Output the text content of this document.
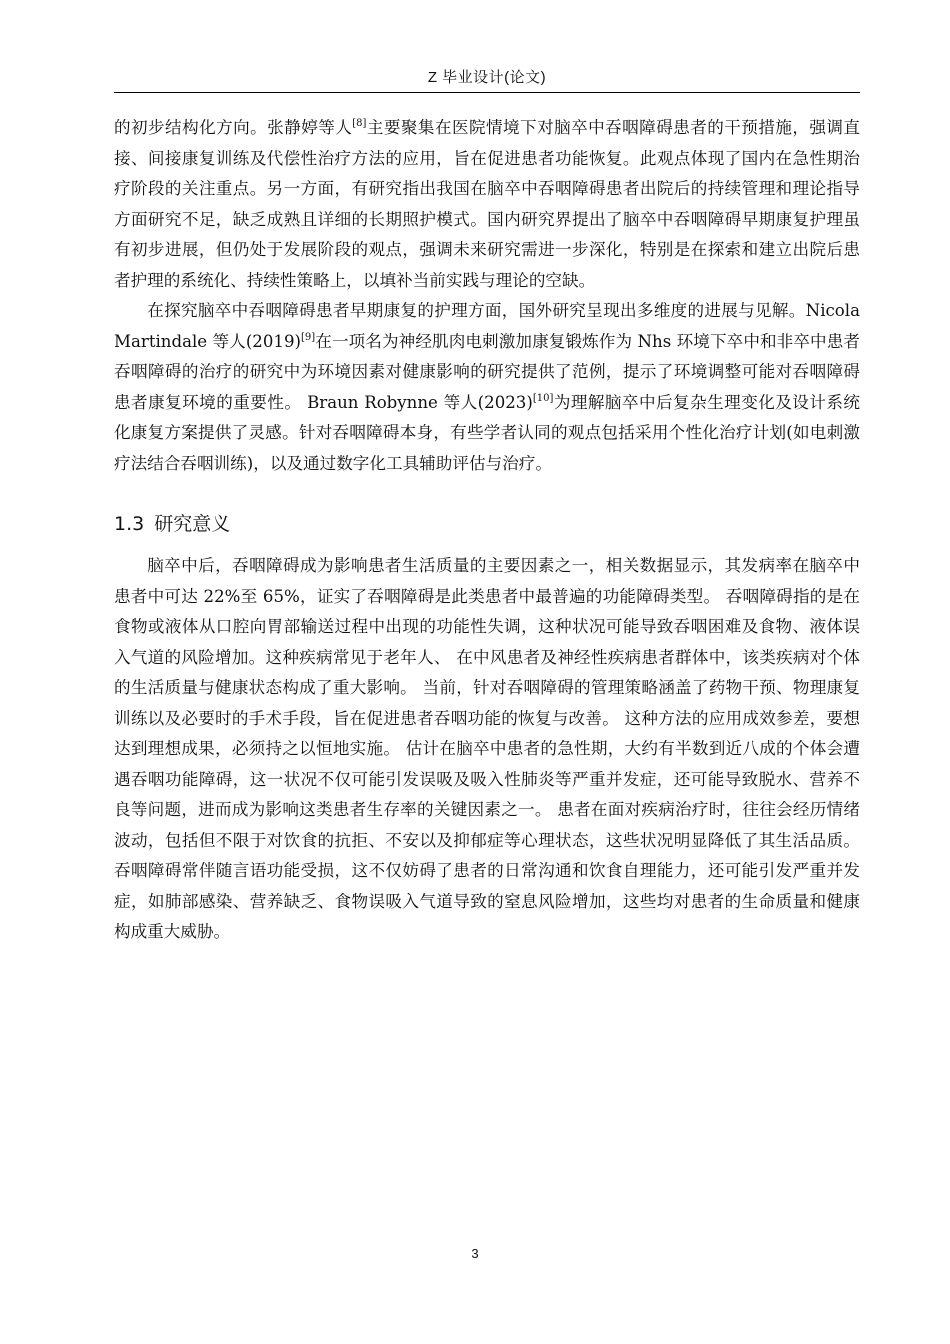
Z 毕业设计(论文)

的初步结构化方向。张静婷等人[8]主要聚集在医院情境下对脑卒中吞咽障碍患者的干预措施，强调直接、间接康复训练及代偿性治疗方法的应用，旨在促进患者功能恢复。此观点体现了国内在急性期治疗阶段的关注重点。另一方面，有研究指出我国在脑卒中吞咽障碍患者出院后的持续管理和理论指导方面研究不足，缺乏成熟且详细的长期照护模式。国内研究界提出了脑卒中吞咽障碍早期康复护理虽有初步进展，但仍处于发展阶段的观点，强调未来研究需进一步深化，特别是在探索和建立出院后患者护理的系统化、持续性策略上，以填补当前实践与理论的空缺。

在探究脑卒中吞咽障碍患者早期康复的护理方面，国外研究呈现出多维度的进展与见解。Nicola Martindale 等人(2019)[9]在一项名为神经肌肉电刺激加康复锻炼作为 Nhs 环境下卒中和非卒中患者吞咽障碍的治疗的研究中为环境因素对健康影响的研究提供了范例，提示了环境调整可能对吞咽障碍患者康复环境的重要性。 Braun Robynne 等人(2023)[10]为理解脑卒中后复杂生理变化及设计系统化康复方案提供了灵感。针对吞咽障碍本身，有些学者认同的观点包括采用个性化治疗计划(如电刺激疗法结合吞咽训练)，以及通过数字化工具辅助评估与治疗。

1.3 研究意义

脑卒中后，吞咽障碍成为影响患者生活质量的主要因素之一，相关数据显示，其发病率在脑卒中患者中可达 22%至 65%，证实了吞咽障碍是此类患者中最普遍的功能障碍类型。 吞咽障碍指的是在食物或液体从口腔向胃部输送过程中出现的功能性失调，这种状况可能导致吞咽困难及食物、液体误入气道的风险增加。这种疾病常见于老年人、 在中风患者及神经性疾病患者群体中，该类疾病对个体的生活质量与健康状态构成了重大影响。 当前，针对吞咽障碍的管理策略涵盖了药物干预、物理康复训练以及必要时的手术手段，旨在促进患者吞咽功能的恢复与改善。 这种方法的应用成效参差，要想达到理想成果，必须持之以恒地实施。 估计在脑卒中患者的急性期，大约有半数到近八成的个体会遭遇吞咽功能障碍，这一状况不仅可能引发误吸及吸入性肺炎等严重并发症，还可能导致脱水、营养不良等问题，进而成为影响这类患者生存率的关键因素之一。 患者在面对疾病治疗时，往往会经历情绪波动，包括但不限于对饮食的抗拒、不安以及抑郁症等心理状态，这些状况明显降低了其生活品质。 吞咽障碍常伴随言语功能受损，这不仅妨碍了患者的日常沟通和饮食自理能力，还可能引发严重并发症，如肺部感染、营养缺乏、食物误吸入气道导致的窒息风险增加，这些均对患者的生命质量和健康构成重大威胁。

3
